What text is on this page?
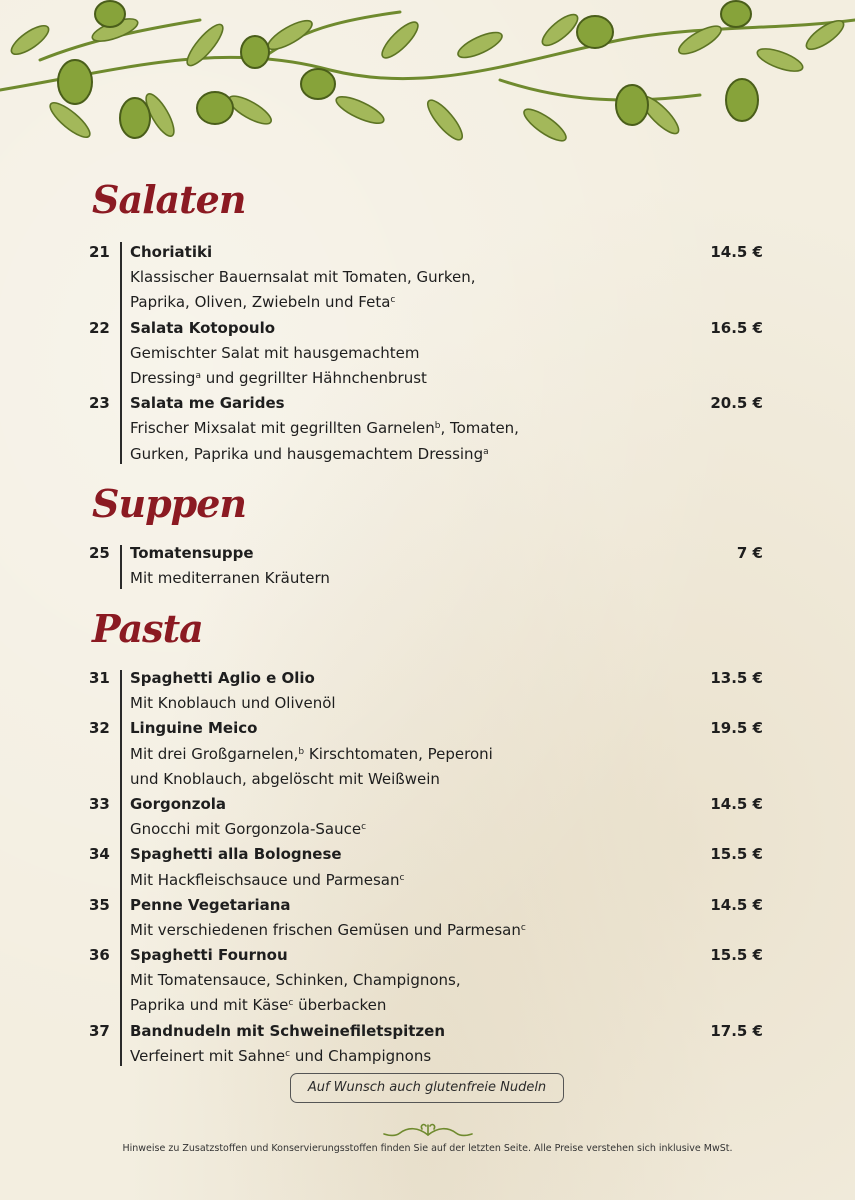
Salaten
21 Choriatiki	14.5 €
Klassischer Bauernsalat mit Tomaten, Gurken,
Paprika, Oliven, Zwiebeln und Feta$^c$
22 Salata Kotopoulo	16.5 €
Gemischter Salat mit hausgemachtem
Dressing$^a$ und gegrillter Hähnchenbrust
23 Salata me Garides	20.5 €
Frischer Mixsalat mit gegrillten Garnelen$^b$, Tomaten,
Gurken, Paprika und hausgemachtem Dressing$^a$
Suppen
25 Tomatensuppe	7 €
Mit mediterranen Kräutern
Pasta
31 Spaghetti Aglio e Olio	13.5 €
Mit Knoblauch und Olivenöl
32 Linguine Meico	19.5 €
Mit drei Großgarnelen,$^b$ Kirschtomaten, Peperoni
und Knoblauch, abgelöscht mit Weißwein
33 Gorgonzola	14.5 €
Gnocchi mit Gorgonzola-Sauce$^c$
34 Spaghetti alla Bolognese	15.5 €
Mit Hackfleischsauce und Parmesan$^c$
35 Penne Vegetariana	14.5 €
Mit verschiedenen frischen Gemüsen und Parmesan$^c$
36 Spaghetti Fournou	15.5 €
Mit Tomatensauce, Schinken, Champignons,
Paprika und mit Käse$^c$ überbacken
37 Bandnudeln mit Schweinefiletspitzen	17.5 €
Verfeinert mit Sahne$^c$ und Champignons
Auf Wunsch auch glutenfreie Nudeln
Hinweise zu Zusatzstoffen und Konservierungsstoffen finden Sie auf der letzten Seite. Alle Preise verstehen sich inklusive MwSt.
